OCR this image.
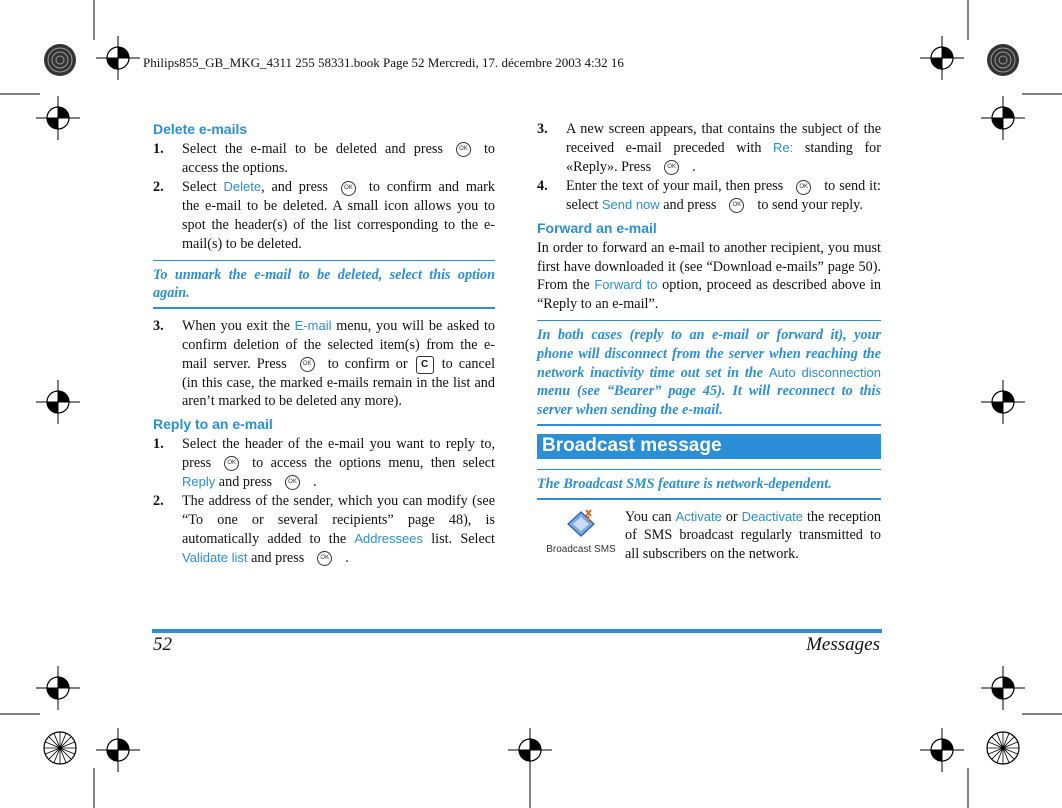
Philips855_GB_MKG_4311 255 58331.book Page 52 Mercredi, 17. décembre 2003 4:32 16
Delete e-mails
1. Select the e-mail to be deleted and press	OK to access the options.
2. Select Delete, and press	OK to confirm and mark the e-mail to be deleted. A small icon allows you to spot the header(s) of the list corresponding to the e-mail(s) to be deleted.
To unmark the e-mail to be deleted, select this option again.
3. When you exit the E-mail menu, you will be asked to confirm deletion of the selected item(s) from the e-mail server. Press	OK to confirm or C to cancel (in this case, the marked e-mails remain in the list and aren’t marked to be deleted any more).
Reply to an e-mail
1. Select the header of the e-mail you want to reply to, press	OK to access the options menu, then select Reply and press	OK .
2. The address of the sender, which you can modify (see “To one or several recipients” page 48), is automatically added to the Addressees list. Select Validate list and press	OK .
3. A new screen appears, that contains the subject of the received e-mail preceded with Re: standing for «Reply». Press	OK .
4. Enter the text of your mail, then press	OK to send it: select Send now and press	OK to send your reply.
Forward an e-mail
In order to forward an e-mail to another recipient, you must first have downloaded it (see “Download e-mails” page 50). From the Forward to option, proceed as described above in “Reply to an e-mail”.
In both cases (reply to an e-mail or forward it), your phone will disconnect from the server when reaching the network inactivity time out set in the Auto disconnection menu (see “Bearer” page 45). It will reconnect to this server when sending the e-mail.
Broadcast message
The Broadcast SMS feature is network-dependent.
Broadcast SMS
You can Activate or Deactivate the reception of SMS broadcast regularly transmitted to all subscribers on the network.
52	Messages
